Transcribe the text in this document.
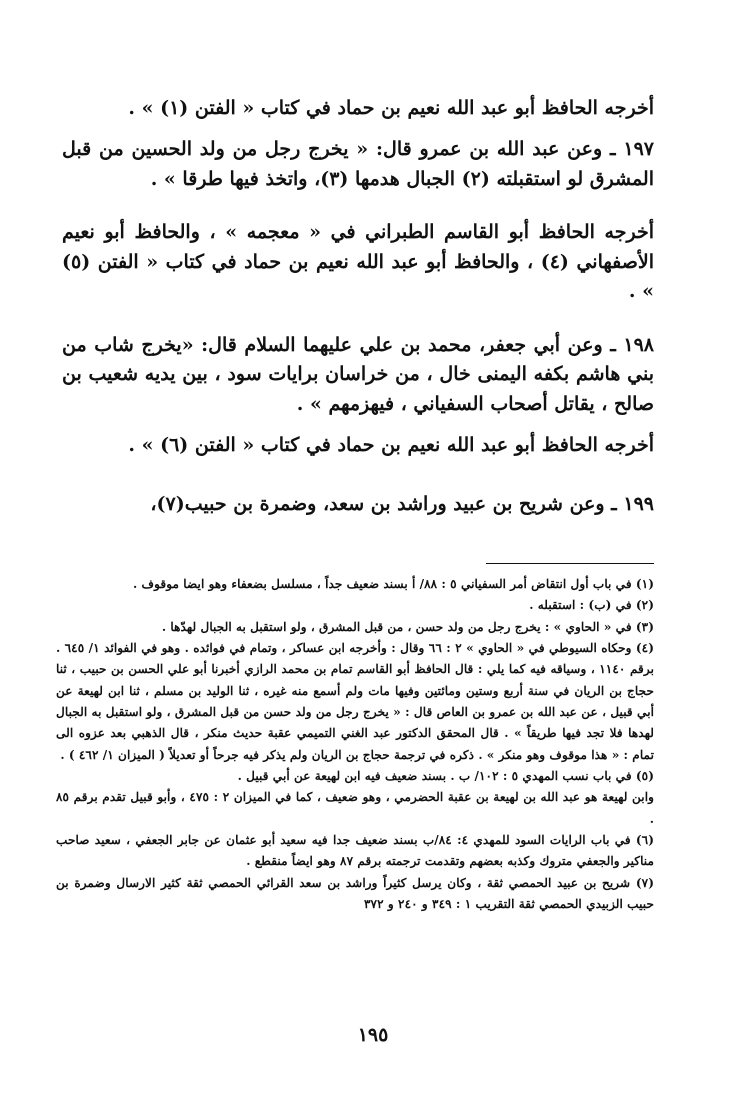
أخرجه الحافظ أبو عبد الله نعيم بن حماد في كتاب « الفتن (١) » .

١٩٧ ـ وعن عبد الله بن عمرو قال: « يخرج رجل من ولد الحسين من قبل المشرق لو استقبلته (٢) الجبال هدمها (٣)، واتخذ فيها طرقا » .

أخرجه الحافظ أبو القاسم الطبراني في « معجمه » ، والحافظ أبو نعيم الأصفهاني (٤) ، والحافظ أبو عبد الله نعيم بن حماد في كتاب « الفتن (٥) » .

١٩٨ ـ وعن أبي جعفر، محمد بن علي عليهما السلام قال: «يخرج شاب من بني هاشم بكفه اليمنى خال ، من خراسان برايات سود ، بين يديه شعيب بن صالح ، يقاتل أصحاب السفياني ، فيهزمهم » .

أخرجه الحافظ أبو عبد الله نعيم بن حماد في كتاب « الفتن (٦) » .

١٩٩ ـ وعن شريح بن عبيد وراشد بن سعد، وضمرة بن حبيب(٧)،

(١) في باب أول انتقاض أمر السفياني ٥ : ٨٨/ أ بسند ضعيف جداً ، مسلسل بضعفاء وهو ايضا موقوف .

(٢) في (ب) : استقبله .

(٣) في « الحاوي » : يخرج رجل من ولد حسن ، من قبل المشرق ، ولو استقبل به الجبال لهدّها .

(٤) وحكاه السيوطي في « الحاوي » ٢ : ٦٦ وقال : وأخرجه ابن عساكر ، وتمام في فوائده . وهو في الفوائد ١/ ٦٤٥ . برقم ١١٤٠ ، وسياقه فيه كما يلي : قال الحافظ أبو القاسم تمام بن محمد الرازي أخبرنا أبو علي الحسن بن حبيب ، ثنا حجاج بن الريان في سنة أربع وستين ومائتين وفيها مات ولم أسمع منه غيره ، ثنا الوليد بن مسلم ، ثنا ابن لهيعة عن أبي قبيل ، عن عبد الله بن عمرو بن العاص قال : « يخرج رجل من ولد حسن من قبل المشرق ، ولو استقبل به الجبال لهدها فلا تجد فيها طريقاً » . قال المحقق الدكتور عبد الغني التميمي عقبة حديث منكر ، قال الذهبي بعد عزوه الى تمام : « هذا موقوف وهو منكر » . ذكره في ترجمة حجاج بن الريان ولم يذكر فيه جرحاً أو تعديلاً ( الميزان ١/ ٤٦٢ ) .

(٥) في باب نسب المهدي ٥ : ١٠٢/ ب . بسند ضعيف فيه ابن لهيعة عن أبي قبيل .

وابن لهيعة هو عبد الله بن لهيعة بن عقبة الحضرمي ، وهو ضعيف ، كما في الميزان ٢ : ٤٧٥ ، وأبو قبيل تقدم برقم ٨٥ .

(٦) في باب الرايات السود للمهدي ٤: ٨٤/ب بسند ضعيف جدا فيه سعيد أبو عثمان عن جابر الجعفي ، سعيد صاحب مناكير والجعفي متروك وكذبه بعضهم وتقدمت ترجمته برقم ٨٧ وهو ايضاً منقطع .

(٧) شريح بن عبيد الحمصي ثقة ، وكان يرسل كثيراً وراشد بن سعد القرائي الحمصي ثقة كثير الارسال وضمرة بن حبيب الزبيدي الحمصي ثقة التقريب ١ : ٣٤٩ و ٢٤٠ و ٣٧٢

١٩٥
